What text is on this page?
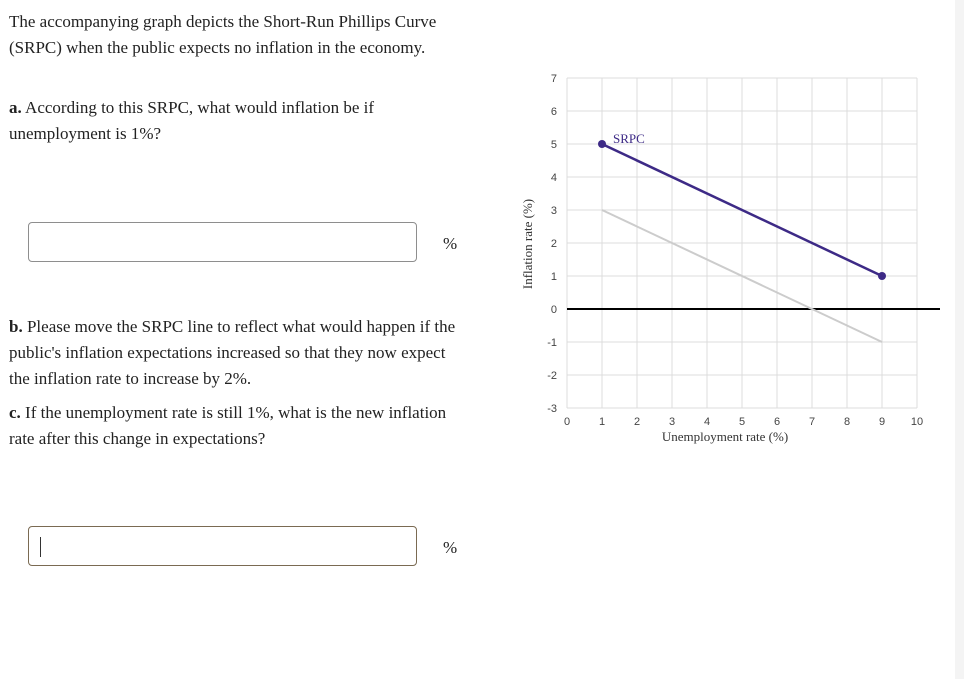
The accompanying graph depicts the Short-Run Phillips Curve (SRPC) when the public expects no inflation in the economy.

a. According to this SRPC, what would inflation be if unemployment is 1%?

%

b. Please move the SRPC line to reflect what would happen if the public's inflation expectations increased so that they now expect the inflation rate to increase by 2%.

c. If the unemployment rate is still 1%, what is the new inflation rate after this change in expectations?

%
7
6
5
4
3
2
1
0
-1
-2
-3
0	1	2	3	4	5	6	7	8	9 10
SRPC
Inflation rate (%)
Unemployment rate (%)
